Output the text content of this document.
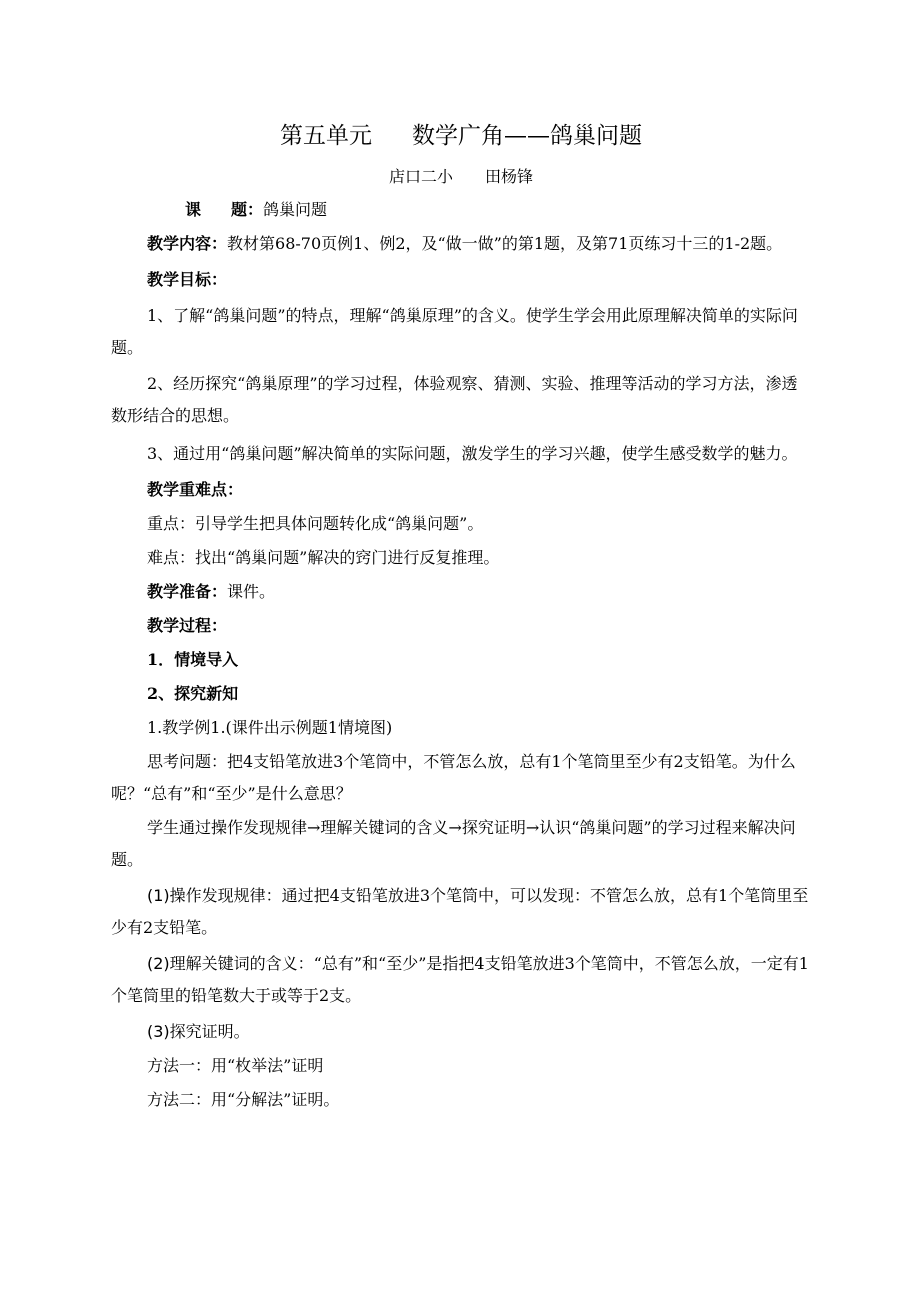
第五单元 数学广角——鸽巢问题
店口二小 田杨锋

课 题：鸽巢问题

教学内容：教材第68-70页例1、例2，及“做一做”的第1题，及第71页练习十三的1-2题。

教学目标：

1、了解“鸽巢问题”的特点，理解“鸽巢原理”的含义。使学生学会用此原理解决简单的实际问题。

2、经历探究“鸽巢原理”的学习过程，体验观察、猜测、实验、推理等活动的学习方法，渗透数形结合的思想。

3、通过用“鸽巢问题”解决简单的实际问题，激发学生的学习兴趣，使学生感受数学的魅力。

教学重难点：

重点：引导学生把具体问题转化成“鸽巢问题”。

难点：找出“鸽巢问题”解决的窍门进行反复推理。

教学准备：课件。

教学过程：

1．情境导入

2、探究新知

1.教学例1.(课件出示例题1情境图)

思考问题：把4支铅笔放进3个笔筒中，不管怎么放，总有1个笔筒里至少有2支铅笔。为什么呢？“总有”和“至少”是什么意思？

学生通过操作发现规律→理解关键词的含义→探究证明→认识“鸽巢问题”的学习过程来解决问题。

(1)操作发现规律：通过把4支铅笔放进3个笔筒中，可以发现：不管怎么放，总有1个笔筒里至少有2支铅笔。

(2)理解关键词的含义：“总有”和“至少”是指把4支铅笔放进3个笔筒中，不管怎么放，一定有1个笔筒里的铅笔数大于或等于2支。

(3)探究证明。

方法一：用“枚举法”证明

方法二：用“分解法”证明。
